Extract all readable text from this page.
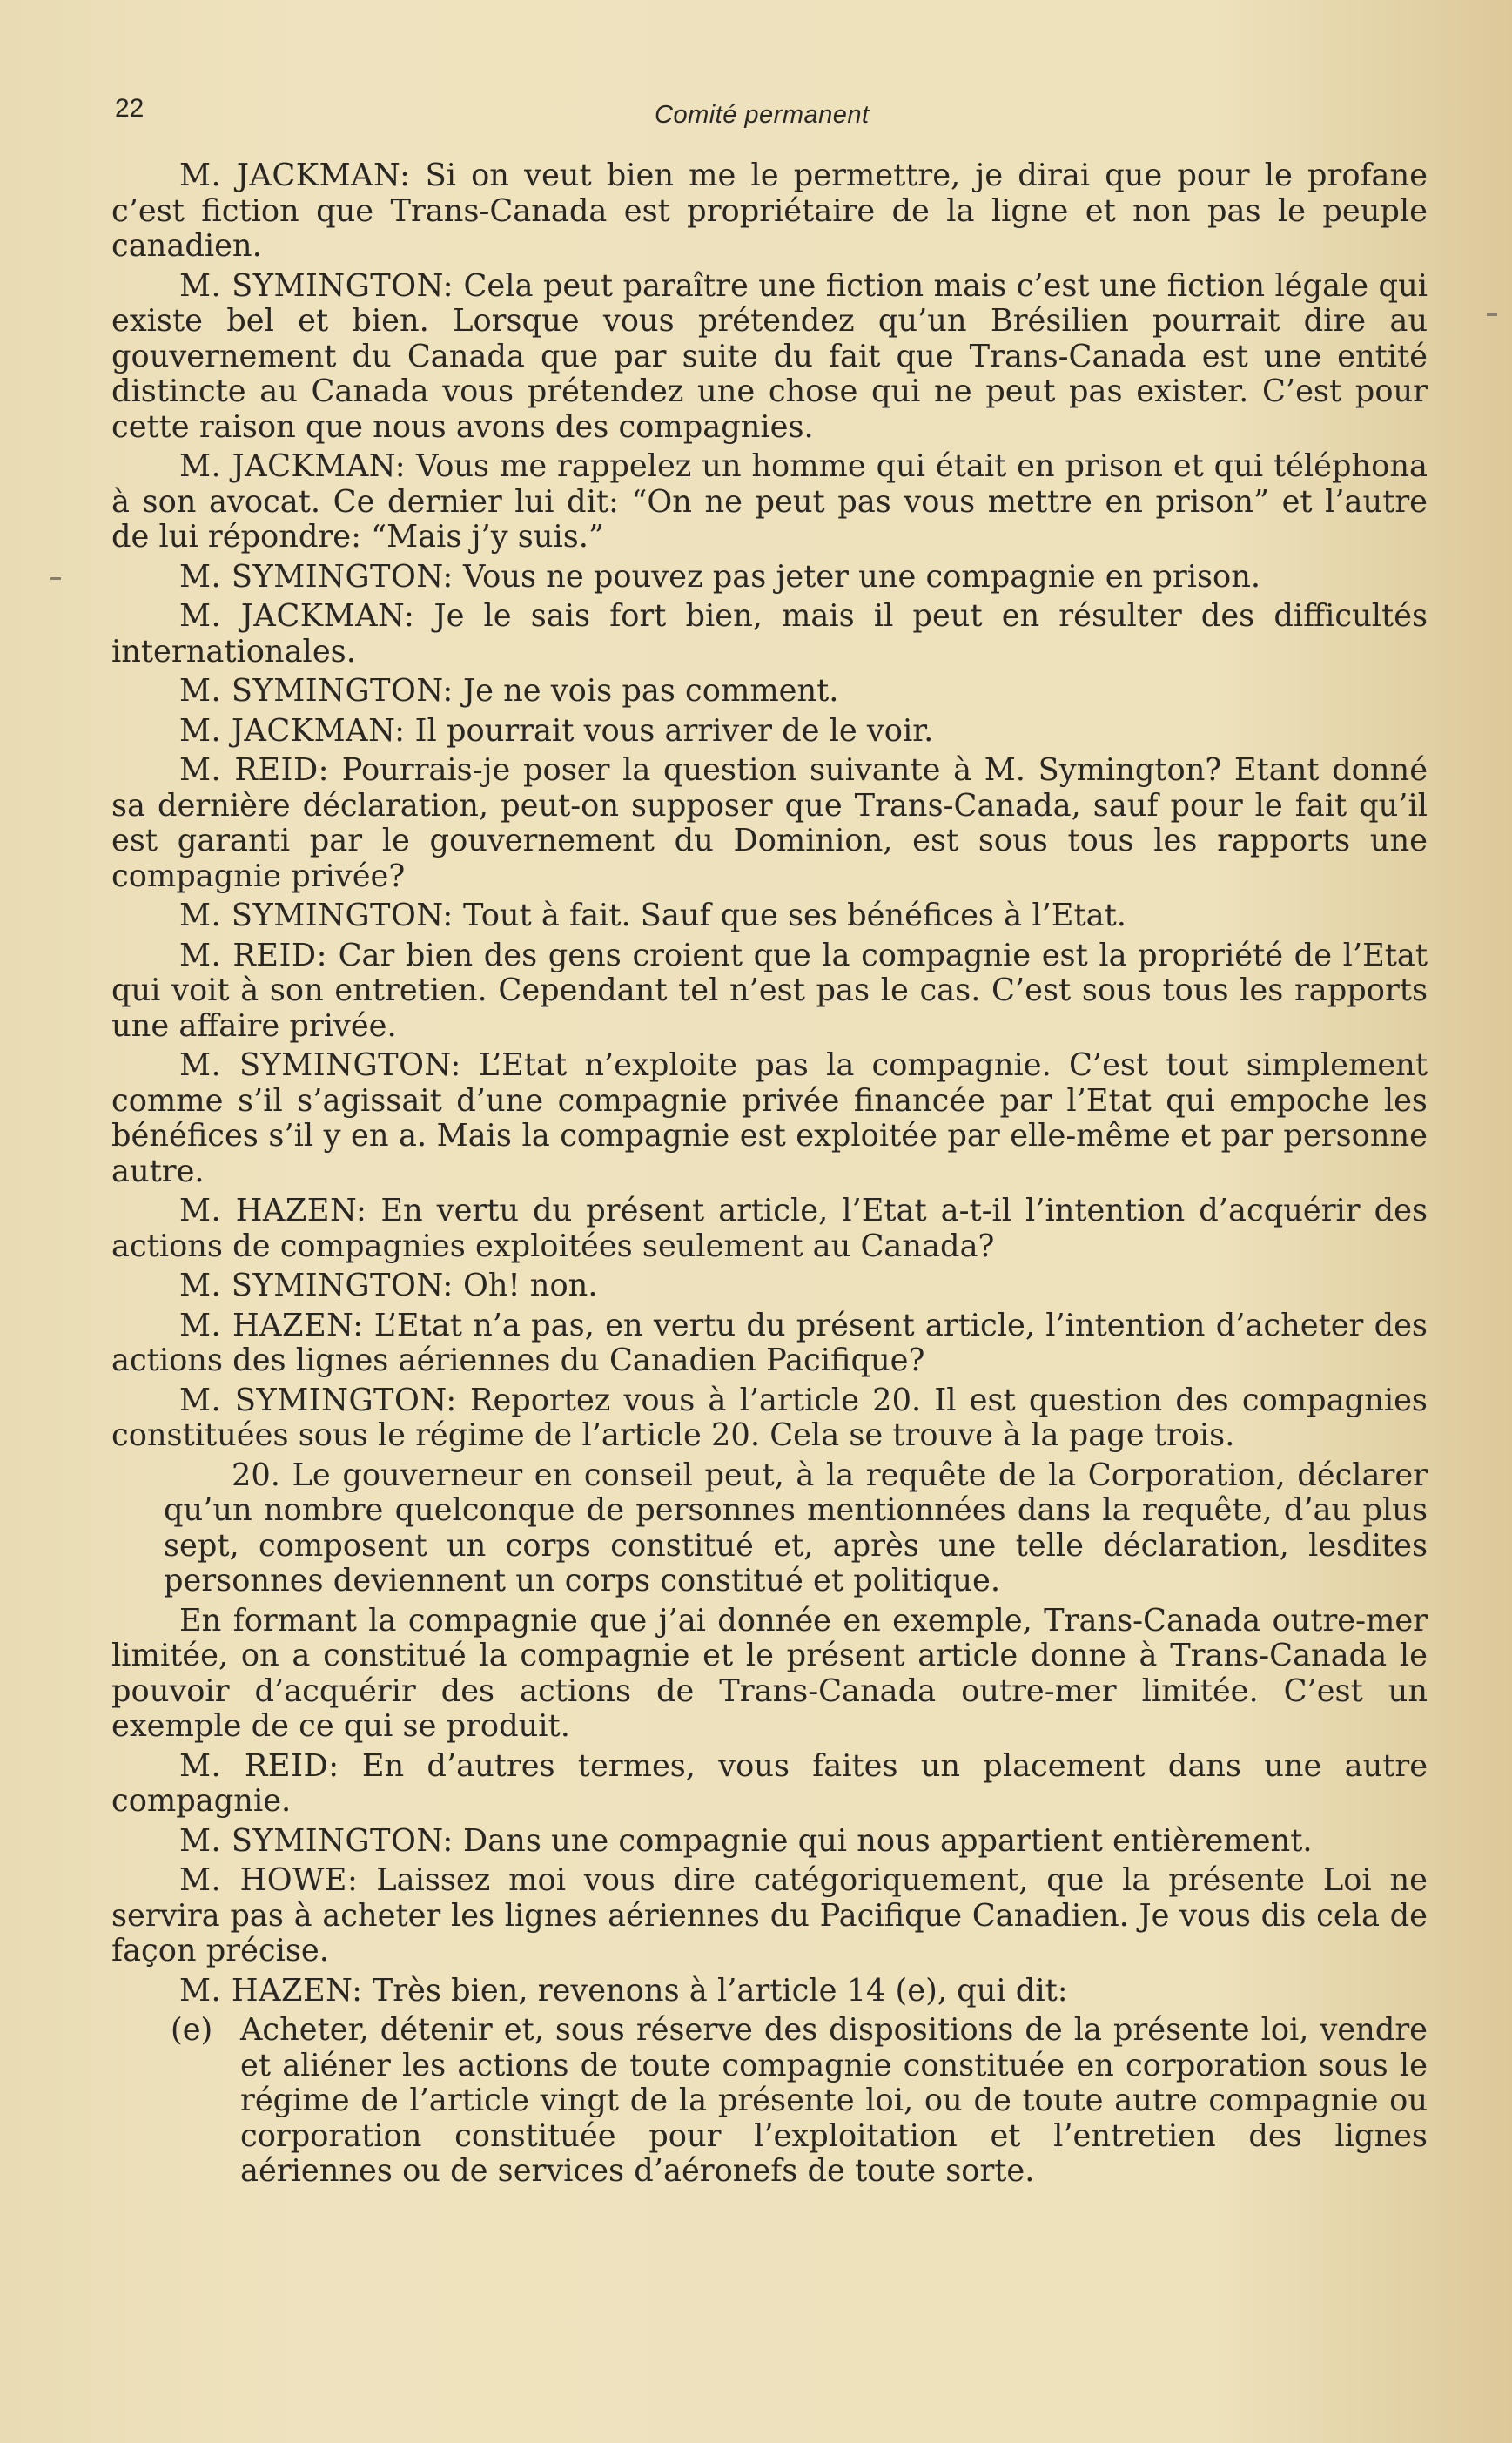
22	Comité permanent

M. JACKMAN: Si on veut bien me le permettre, je dirai que pour le profane c’est fiction que Trans-Canada est propriétaire de la ligne et non pas le peuple canadien.

M. SYMINGTON: Cela peut paraître une fiction mais c’est une fiction légale qui existe bel et bien. Lorsque vous prétendez qu’un Brésilien pourrait dire au gouvernement du Canada que par suite du fait que Trans-Canada est une entité distincte au Canada vous prétendez une chose qui ne peut pas exister. C’est pour cette raison que nous avons des compagnies.

M. JACKMAN: Vous me rappelez un homme qui était en prison et qui téléphona à son avocat. Ce dernier lui dit: “On ne peut pas vous mettre en prison” et l’autre de lui répondre: “Mais j’y suis.”

M. SYMINGTON: Vous ne pouvez pas jeter une compagnie en prison.

M. JACKMAN: Je le sais fort bien, mais il peut en résulter des difficultés internationales.

M. SYMINGTON: Je ne vois pas comment.

M. JACKMAN: Il pourrait vous arriver de le voir.

M. REID: Pourrais-je poser la question suivante à M. Symington? Etant donné sa dernière déclaration, peut-on supposer que Trans-Canada, sauf pour le fait qu’il est garanti par le gouvernement du Dominion, est sous tous les rapports une compagnie privée?

M. SYMINGTON: Tout à fait. Sauf que ses bénéfices à l’Etat.

M. REID: Car bien des gens croient que la compagnie est la propriété de l’Etat qui voit à son entretien. Cependant tel n’est pas le cas. C’est sous tous les rapports une affaire privée.

M. SYMINGTON: L’Etat n’exploite pas la compagnie. C’est tout simplement comme s’il s’agissait d’une compagnie privée financée par l’Etat qui empoche les bénéfices s’il y en a. Mais la compagnie est exploitée par elle-même et par personne autre.

M. HAZEN: En vertu du présent article, l’Etat a-t-il l’intention d’acquérir des actions de compagnies exploitées seulement au Canada?

M. SYMINGTON: Oh! non.

M. HAZEN: L’Etat n’a pas, en vertu du présent article, l’intention d’acheter des actions des lignes aériennes du Canadien Pacifique?

M. SYMINGTON: Reportez vous à l’article 20. Il est question des compagnies constituées sous le régime de l’article 20. Cela se trouve à la page trois.

20. Le gouverneur en conseil peut, à la requête de la Corporation, déclarer qu’un nombre quelconque de personnes mentionnées dans la requête, d’au plus sept, composent un corps constitué et, après une telle déclaration, lesdites personnes deviennent un corps constitué et politique.

En formant la compagnie que j’ai donnée en exemple, Trans-Canada outre-mer limitée, on a constitué la compagnie et le présent article donne à Trans-Canada le pouvoir d’acquérir des actions de Trans-Canada outre-mer limitée. C’est un exemple de ce qui se produit.

M. REID: En d’autres termes, vous faites un placement dans une autre compagnie.

M. SYMINGTON: Dans une compagnie qui nous appartient entièrement.

M. HOWE: Laissez moi vous dire catégoriquement, que la présente Loi ne servira pas à acheter les lignes aériennes du Pacifique Canadien. Je vous dis cela de façon précise.

M. HAZEN: Très bien, revenons à l’article 14 (e), qui dit:

(e) Acheter, détenir et, sous réserve des dispositions de la présente loi, vendre et aliéner les actions de toute compagnie constituée en corporation sous le régime de l’article vingt de la présente loi, ou de toute autre compagnie ou corporation constituée pour l’exploitation et l’entretien des lignes aériennes ou de services d’aéronefs de toute sorte.
